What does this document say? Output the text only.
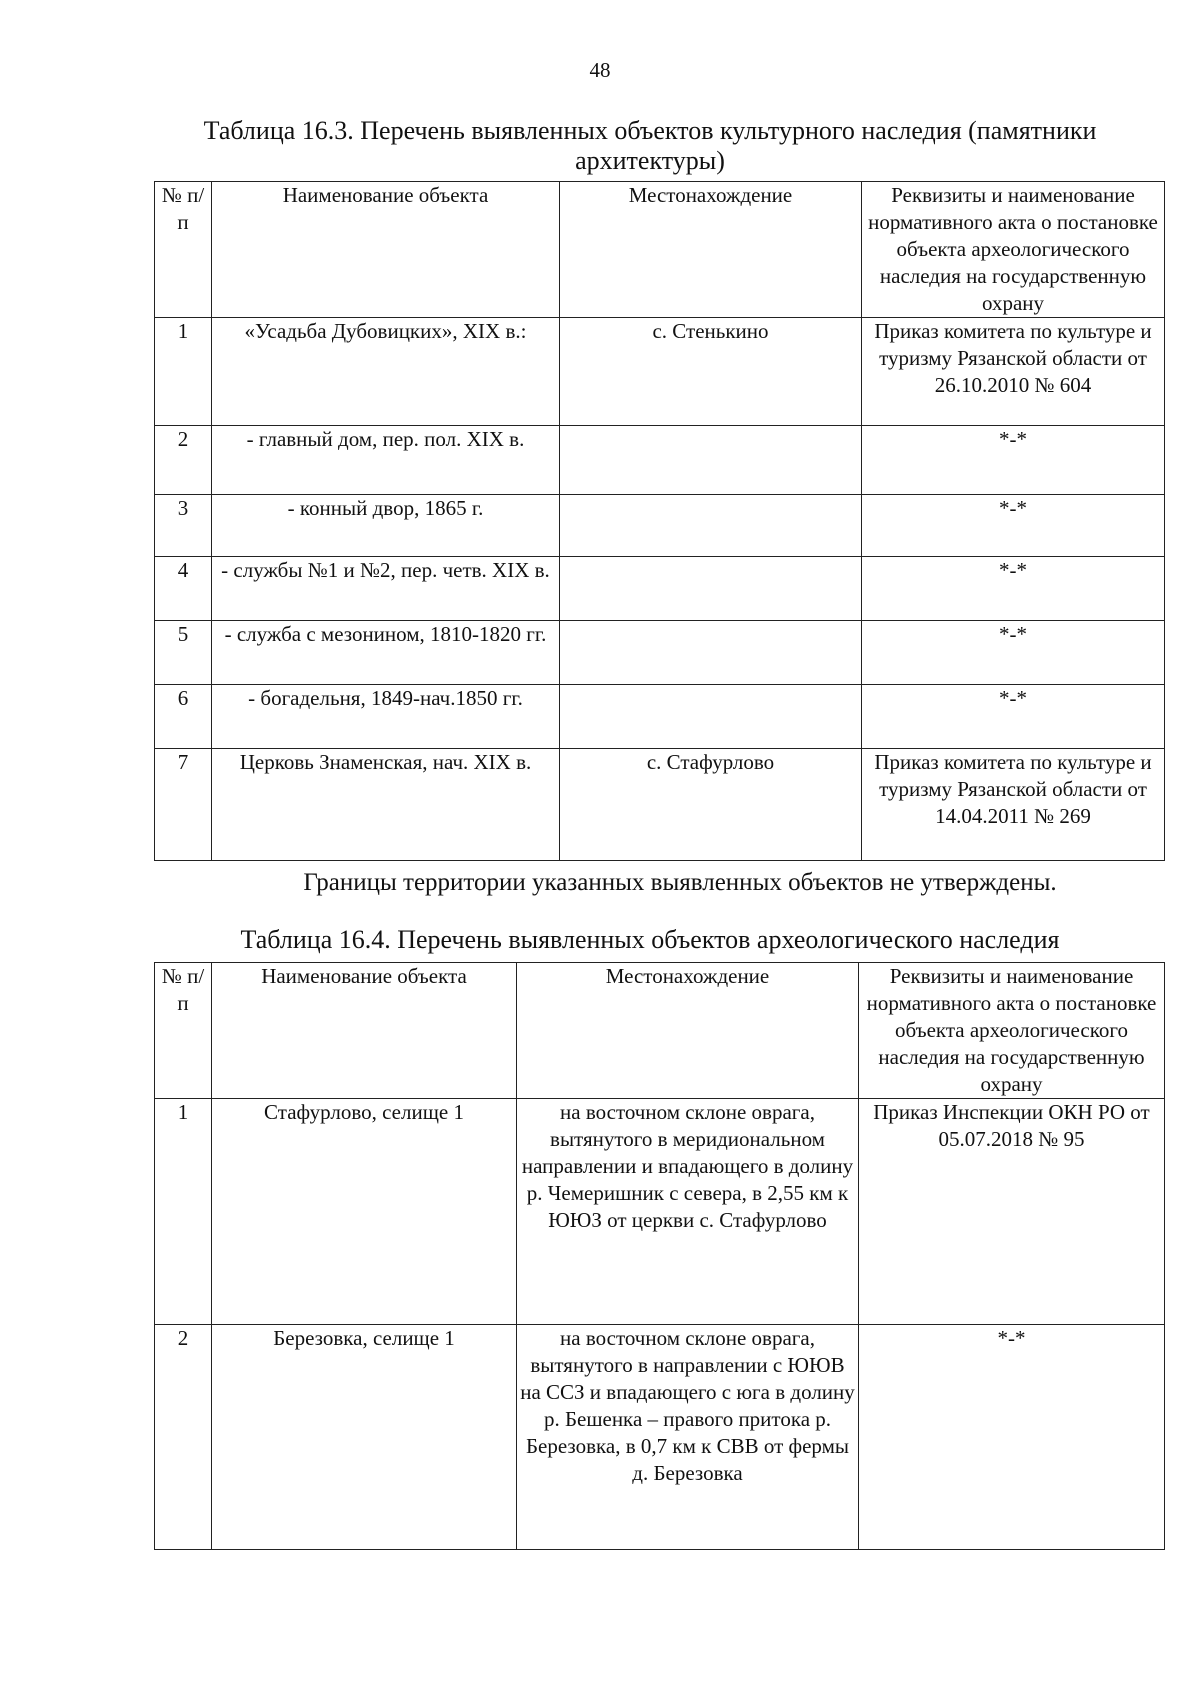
48
Таблица 16.3. Перечень выявленных объектов культурного наследия (памятники архитектуры)
№ п/п	Наименование объекта	Местонахождение	Реквизиты и наименование нормативного акта о постановке объекта археологического наследия на государственную охрану
1	«Усадьба Дубовицких», XIX в.:	с. Стенькино	Приказ комитета по культуре и туризму Рязанской области от 26.10.2010 № 604
2	- главный дом, пер. пол. XIX в.		*-*
3	- конный двор, 1865 г.		*-*
4	- службы №1 и №2, пер. четв. XIX в.		*-*
5	- служба с мезонином, 1810-1820 гг.		*-*
6	- богадельня, 1849-нач.1850 гг.		*-*
7	Церковь Знаменская, нач. XIX в.	с. Стафурлово	Приказ комитета по культуре и туризму Рязанской области от 14.04.2011 № 269
Границы территории указанных выявленных объектов не утверждены.
Таблица 16.4. Перечень выявленных объектов археологического наследия
№ п/п	Наименование объекта	Местонахождение	Реквизиты и наименование нормативного акта о постановке объекта археологического наследия на государственную охрану
1	Стафурлово, селище 1	на восточном склоне оврага, вытянутого в меридиональном направлении и впадающего в долину р. Чемеришник с севера, в 2,55 км к ЮЮЗ от церкви с. Стафурлово	Приказ Инспекции ОКН РО от 05.07.2018 № 95
2	Березовка, селище 1	на восточном склоне оврага, вытянутого в направлении с ЮЮВ на ССЗ и впадающего с юга в долину р. Бешенка – правого притока р. Березовка, в 0,7 км к СВВ от фермы д. Березовка	*-*
